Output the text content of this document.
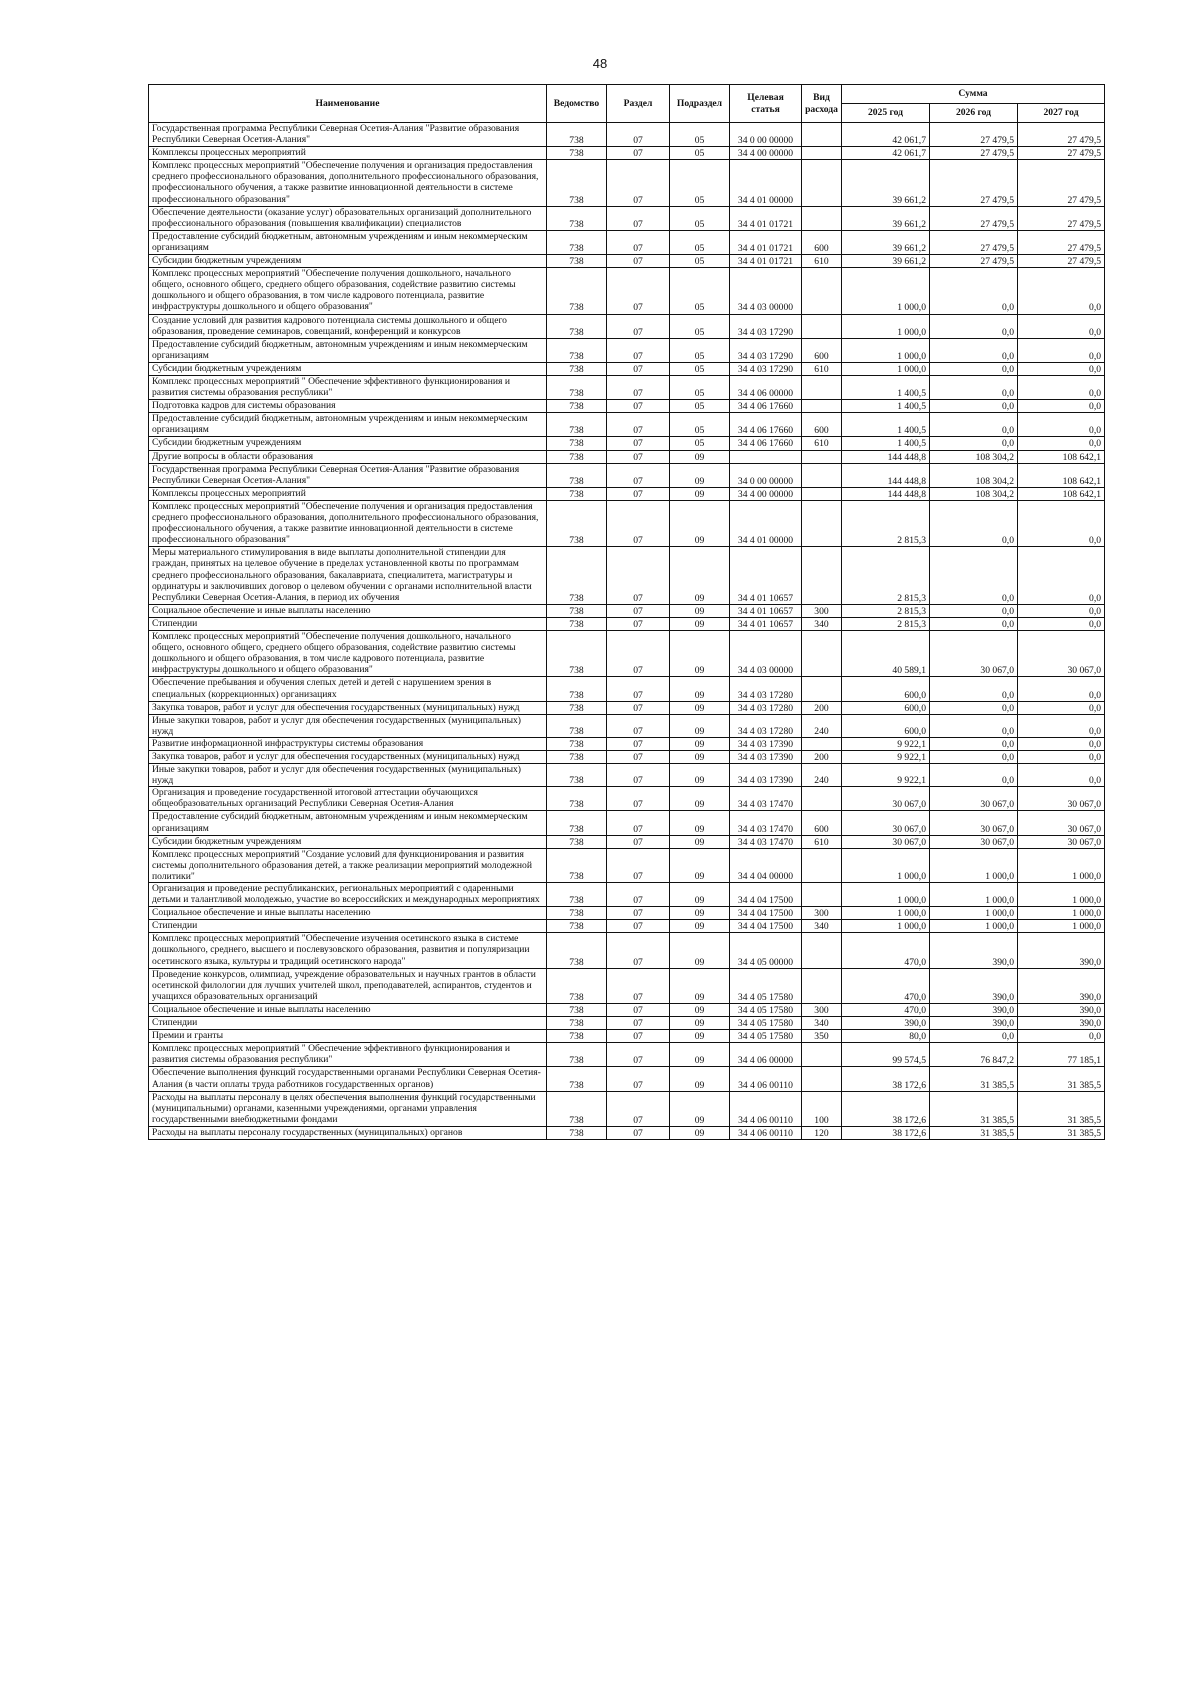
48
Наименование	Ведомство	Раздел	Подраздел	Целевая статья	Вид расхода	Сумма		
						2025 год	2026 год	2027 год
Государственная программа Республики Северная Осетия-Алания "Развитие образования Республики Северная Осетия-Алания"	738	07	05	34 0 00 00000		42 061,7	27 479,5	27 479,5
Комплексы процессных мероприятий	738	07	05	34 4 00 00000		42 061,7	27 479,5	27 479,5
Комплекс процессных мероприятий "Обеспечение получения и организация предоставления среднего профессионального образования, дополнительного профессионального образования, профессионального обучения, а также развитие инновационной деятельности в системе профессионального образования"	738	07	05	34 4 01 00000		39 661,2	27 479,5	27 479,5
Обеспечение деятельности (оказание услуг) образовательных организаций дополнительного профессионального образования (повышения квалификации) специалистов	738	07	05	34 4 01 01721		39 661,2	27 479,5	27 479,5
Предоставление субсидий бюджетным, автономным учреждениям и иным некоммерческим организациям	738	07	05	34 4 01 01721	600	39 661,2	27 479,5	27 479,5
Субсидии бюджетным учреждениям	738	07	05	34 4 01 01721	610	39 661,2	27 479,5	27 479,5
Комплекс процессных мероприятий "Обеспечение получения дошкольного, начального общего, основного общего, среднего общего образования, содействие развитию системы дошкольного и общего образования, в том числе кадрового потенциала, развитие инфраструктуры дошкольного и общего образования"	738	07	05	34 4 03 00000		1 000,0	0,0	0,0
Создание условий для развития кадрового потенциала системы дошкольного и общего образования, проведение семинаров, совещаний, конференций и конкурсов	738	07	05	34 4 03 17290		1 000,0	0,0	0,0
Предоставление субсидий бюджетным, автономным учреждениям и иным некоммерческим организациям	738	07	05	34 4 03 17290	600	1 000,0	0,0	0,0
Субсидии бюджетным учреждениям	738	07	05	34 4 03 17290	610	1 000,0	0,0	0,0
Комплекс процессных мероприятий " Обеспечение эффективного функционирования и развития системы образования республики"	738	07	05	34 4 06 00000		1 400,5	0,0	0,0
Подготовка кадров для системы образования	738	07	05	34 4 06 17660		1 400,5	0,0	0,0
Предоставление субсидий бюджетным, автономным учреждениям и иным некоммерческим организациям	738	07	05	34 4 06 17660	600	1 400,5	0,0	0,0
Субсидии бюджетным учреждениям	738	07	05	34 4 06 17660	610	1 400,5	0,0	0,0
Другие вопросы в области образования	738	07	09			144 448,8	108 304,2	108 642,1
Государственная программа Республики Северная Осетия-Алания "Развитие образования Республики Северная Осетия-Алания"	738	07	09	34 0 00 00000		144 448,8	108 304,2	108 642,1
Комплексы процессных мероприятий	738	07	09	34 4 00 00000		144 448,8	108 304,2	108 642,1
Комплекс процессных мероприятий "Обеспечение получения и организация предоставления среднего профессионального образования, дополнительного профессионального образования, профессионального обучения, а также развитие инновационной деятельности в системе профессионального образования"	738	07	09	34 4 01 00000		2 815,3	0,0	0,0
Меры материального стимулирования в виде выплаты дополнительной стипендии для граждан, принятых на целевое обучение в пределах установленной квоты по программам среднего профессионального образования, бакалавриата, специалитета, магистратуры и ординатуры и заключивших договор о целевом обучении с органами исполнительной власти Республики Северная Осетия-Алания, в период их обучения	738	07	09	34 4 01 10657		2 815,3	0,0	0,0
Социальное обеспечение и иные выплаты населению	738	07	09	34 4 01 10657	300	2 815,3	0,0	0,0
Стипендии	738	07	09	34 4 01 10657	340	2 815,3	0,0	0,0
Комплекс процессных мероприятий "Обеспечение получения дошкольного, начального общего, основного общего, среднего общего образования, содействие развитию системы дошкольного и общего образования, в том числе кадрового потенциала, развитие инфраструктуры дошкольного и общего образования"	738	07	09	34 4 03 00000		40 589,1	30 067,0	30 067,0
Обеспечение пребывания и обучения слепых детей и детей с нарушением зрения в специальных (коррекционных) организациях	738	07	09	34 4 03 17280		600,0	0,0	0,0
Закупка товаров, работ и услуг для обеспечения государственных (муниципальных) нужд	738	07	09	34 4 03 17280	200	600,0	0,0	0,0
Иные закупки товаров, работ и услуг для обеспечения государственных (муниципальных) нужд	738	07	09	34 4 03 17280	240	600,0	0,0	0,0
Развитие информационной инфраструктуры системы образования	738	07	09	34 4 03 17390		9 922,1	0,0	0,0
Закупка товаров, работ и услуг для обеспечения государственных (муниципальных) нужд	738	07	09	34 4 03 17390	200	9 922,1	0,0	0,0
Иные закупки товаров, работ и услуг для обеспечения государственных (муниципальных) нужд	738	07	09	34 4 03 17390	240	9 922,1	0,0	0,0
Организация и проведение государственной итоговой аттестации обучающихся общеобразовательных организаций Республики Северная Осетия-Алания	738	07	09	34 4 03 17470		30 067,0	30 067,0	30 067,0
Предоставление субсидий бюджетным, автономным учреждениям и иным некоммерческим организациям	738	07	09	34 4 03 17470	600	30 067,0	30 067,0	30 067,0
Субсидии бюджетным учреждениям	738	07	09	34 4 03 17470	610	30 067,0	30 067,0	30 067,0
Комплекс процессных мероприятий "Создание условий для функционирования и развития системы дополнительного образования детей, а также реализации мероприятий молодежной политики"	738	07	09	34 4 04 00000		1 000,0	1 000,0	1 000,0
Организация и проведение республиканских, региональных мероприятий с одаренными детьми и талантливой молодежью, участие во всероссийских и международных мероприятиях	738	07	09	34 4 04 17500		1 000,0	1 000,0	1 000,0
Социальное обеспечение и иные выплаты населению	738	07	09	34 4 04 17500	300	1 000,0	1 000,0	1 000,0
Стипендии	738	07	09	34 4 04 17500	340	1 000,0	1 000,0	1 000,0
Комплекс процессных мероприятий "Обеспечение изучения осетинского языка в системе дошкольного, среднего, высшего и послевузовского образования, развития и популяризации осетинского языка, культуры и традиций осетинского народа"	738	07	09	34 4 05 00000		470,0	390,0	390,0
Проведение конкурсов, олимпиад, учреждение образовательных и научных грантов в области осетинской филологии для лучших учителей школ, преподавателей, аспирантов, студентов и учащихся образовательных организаций	738	07	09	34 4 05 17580		470,0	390,0	390,0
Социальное обеспечение и иные выплаты населению	738	07	09	34 4 05 17580	300	470,0	390,0	390,0
Стипендии	738	07	09	34 4 05 17580	340	390,0	390,0	390,0
Премии и гранты	738	07	09	34 4 05 17580	350	80,0	0,0	0,0
Комплекс процессных мероприятий " Обеспечение эффективного функционирования и развития системы образования республики"	738	07	09	34 4 06 00000		99 574,5	76 847,2	77 185,1
Обеспечение выполнения функций государственными органами Республики Северная Осетия-Алания (в части оплаты труда работников государственных органов)	738	07	09	34 4 06 00110		38 172,6	31 385,5	31 385,5
Расходы на выплаты персоналу в целях обеспечения выполнения функций государственными (муниципальными) органами, казенными учреждениями, органами управления государственными внебюджетными фондами	738	07	09	34 4 06 00110	100	38 172,6	31 385,5	31 385,5
Расходы на выплаты персоналу государственных (муниципальных) органов	738	07	09	34 4 06 00110	120	38 172,6	31 385,5	31 385,5
